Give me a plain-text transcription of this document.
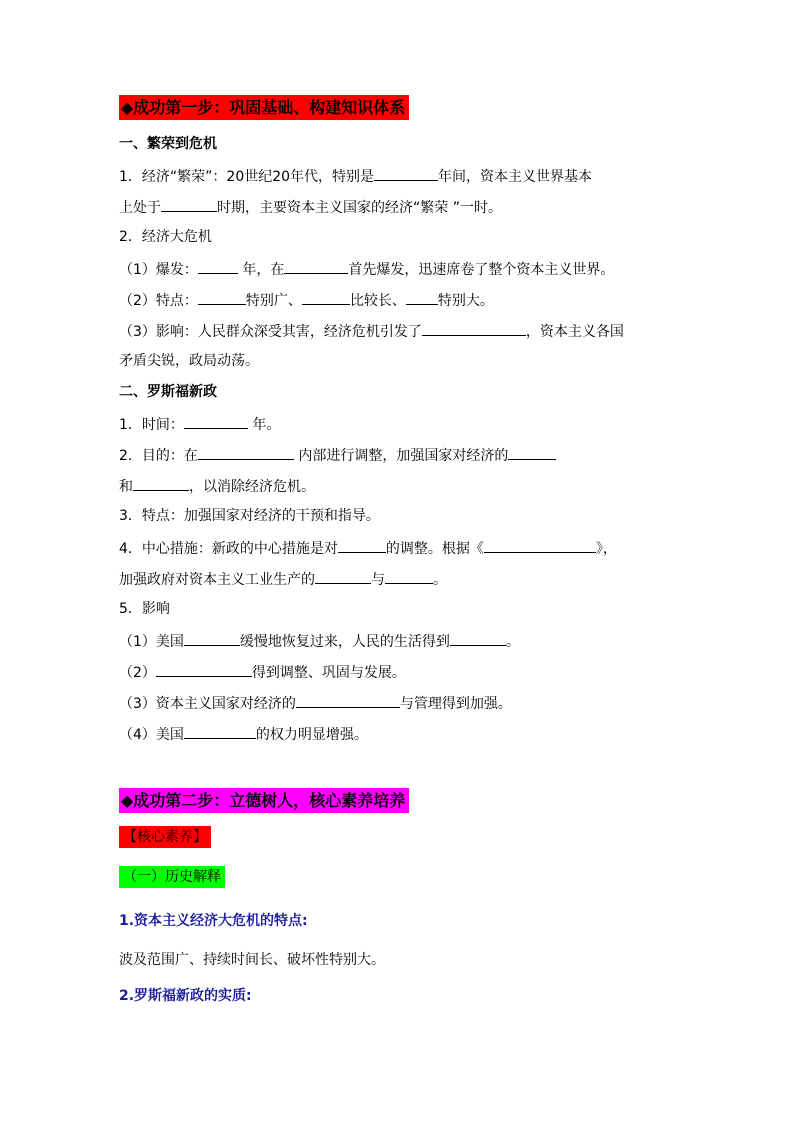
◆成功第一步：巩固基础、构建知识体系
一、繁荣到危机
1．经济“繁荣”：20世纪20年代，特别是	年间，资本主义世界基本
上处于	时期，主要资本主义国家的经济“繁荣 ”一时。
2．经济大危机
（1）爆发：	年，在	首先爆发，迅速席卷了整个资本主义世界。
（2）特点：	特别广、	比较长、 特别大。
（3）影响：人民群众深受其害，经济危机引发了	，资本主义各国
矛盾尖锐，政局动荡。
二、罗斯福新政
1．时间：	年。
2．目的：在	内部进行调整，加强国家对经济的
和	，以消除经济危机。
3．特点：加强国家对经济的干预和指导。
4．中心措施：新政的中心措施是对	的调整。根据《	》，
加强政府对资本主义工业生产的	与	。
5．影响
（1）美国	缓慢地恢复过来，人民的生活得到	。
（2）	得到调整、巩固与发展。
（3）资本主义国家对经济的	与管理得到加强。
（4）美国	的权力明显增强。
◆成功第二步：立德树人，核心素养培养
【核心素养】
（一）历史解释
1.资本主义经济大危机的特点:
波及范围广、持续时间长、破坏性特别大。
2.罗斯福新政的实质:
